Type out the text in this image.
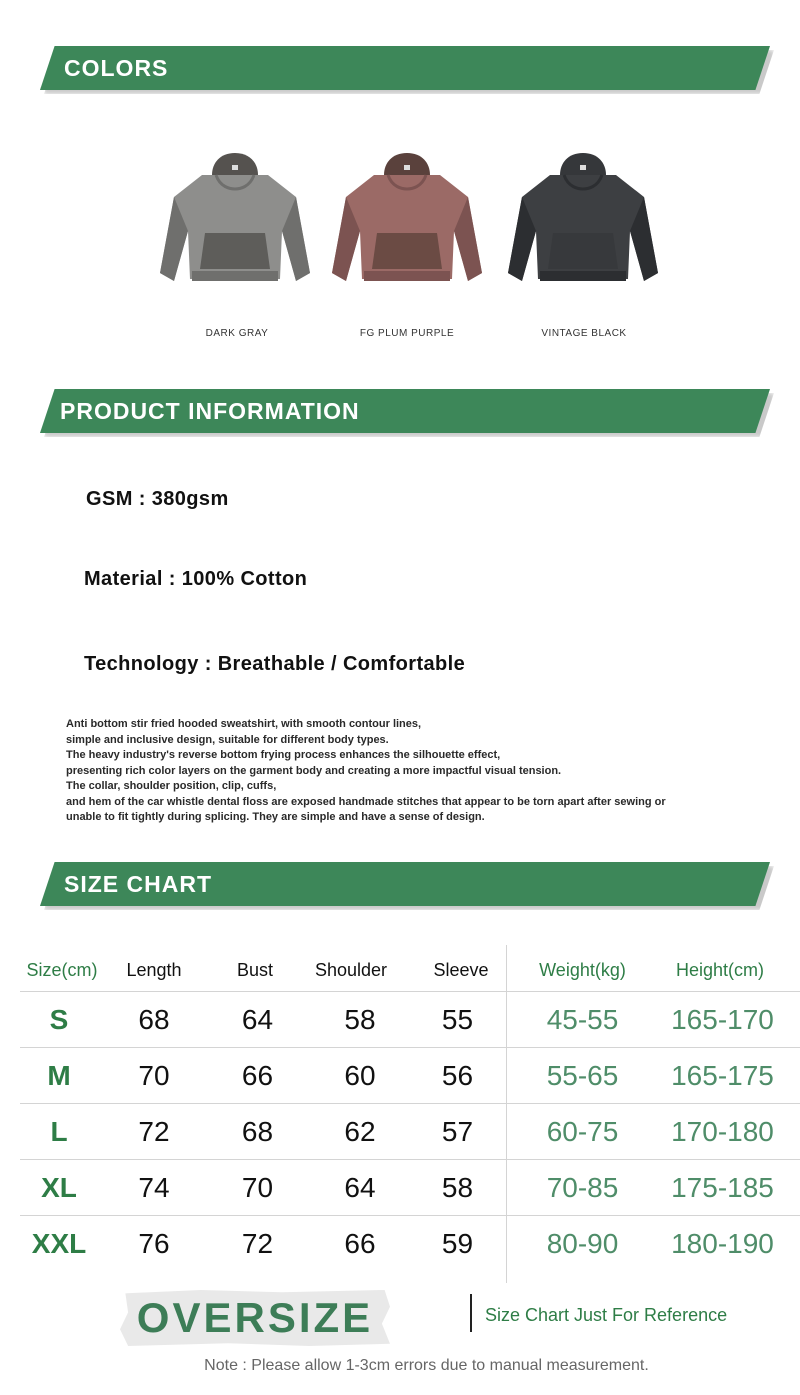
COLORS
DARK GRAY	FG PLUM PURPLE	VINTAGE BLACK
PRODUCT INFORMATION
GSM : 380gsm
Material : 100% Cotton
Technology : Breathable / Comfortable
Anti bottom stir fried hooded sweatshirt, with smooth contour lines,
simple and inclusive design, suitable for different body types.
The heavy industry's reverse bottom frying process enhances the silhouette effect,
presenting rich color layers on the garment body and creating a more impactful visual tension.
The collar, shoulder position, clip, cuffs,
and hem of the car whistle dental floss are exposed handmade stitches that appear to be torn apart after sewing or
unable to fit tightly during splicing. They are simple and have a sense of design.
SIZE CHART
Size(cm)	Length	Bust	Shoulder	Sleeve	Weight(kg)	Height(cm)
S	68	64	58	55	45-55	165-170
M	70	66	60	56	55-65	165-175
L	72	68	62	57	60-75	170-180
XL	74	70	64	58	70-85	175-185
XXL	76	72	66	59	80-90	180-190
OVERSIZE	Size Chart Just For Reference
Note : Please allow 1-3cm errors due to manual measurement.
